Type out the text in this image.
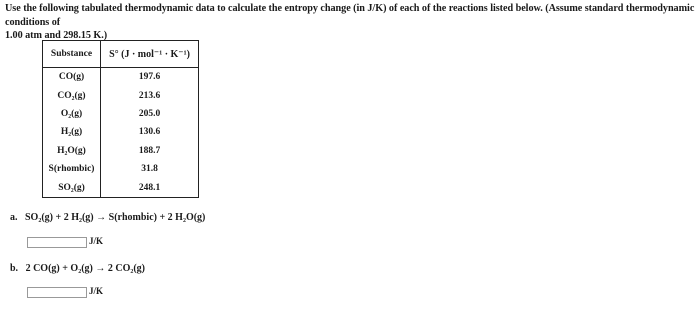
Use the following tabulated thermodynamic data to calculate the entropy change (in J/K) of each of the reactions listed below. (Assume standard thermodynamic conditions of
1.00 atm and 298.15 K.)
Substance	S° (J · mol⁻¹ · K⁻¹)
CO(g)	197.6
CO₂(g)	213.6
O₂(g)	205.0
H₂(g)	130.6
H₂O(g)	188.7
S(rhombic)	31.8
SO₂(g)	248.1
a. SO₂(g) + 2 H₂(g) → S(rhombic) + 2 H₂O(g)
J/K
b. 2 CO(g) + O₂(g) → 2 CO₂(g)
J/K
